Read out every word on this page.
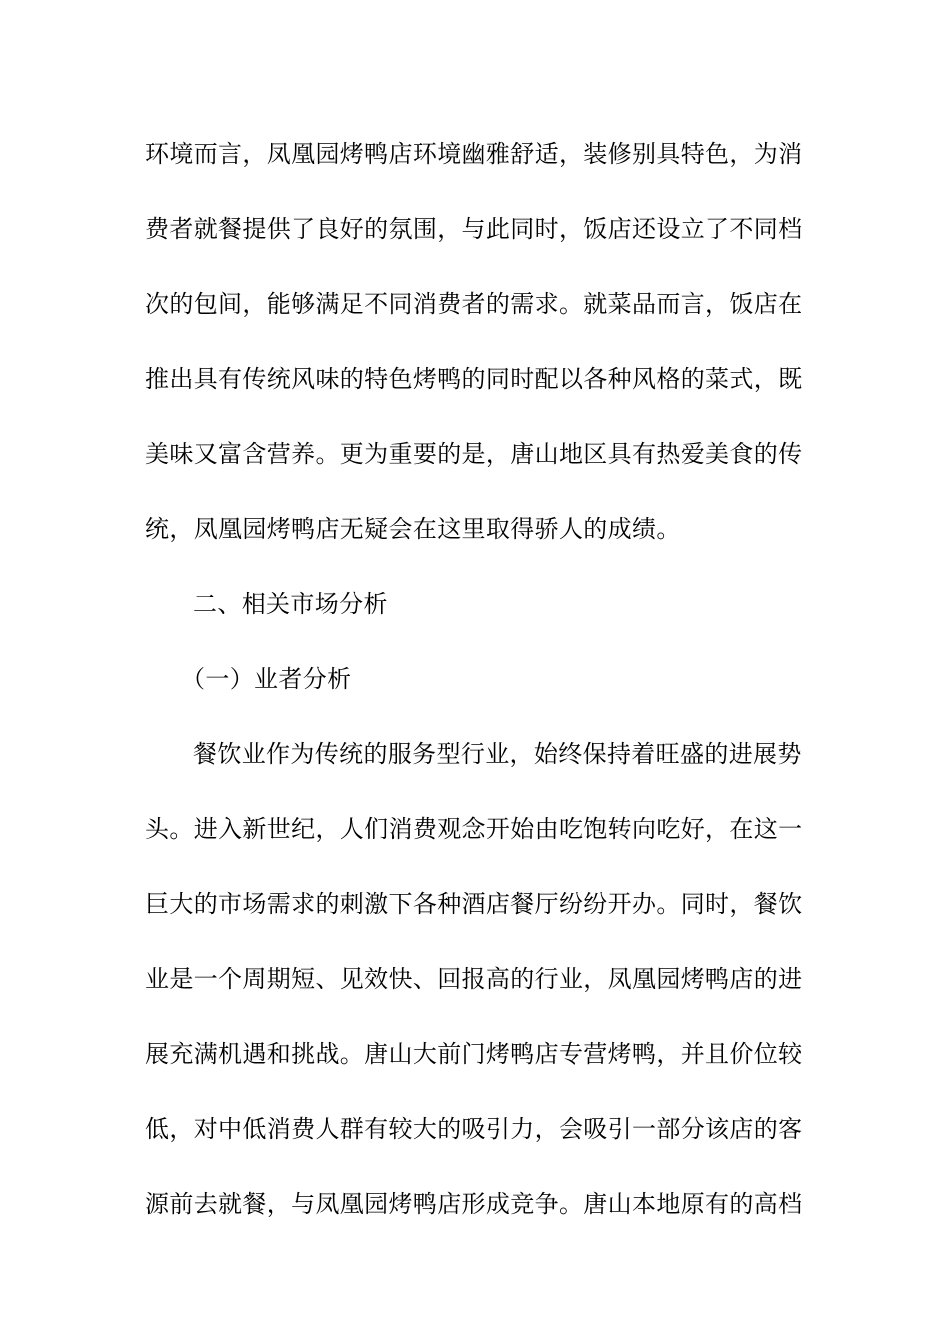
环境而言，凤凰园烤鸭店环境幽雅舒适，装修别具特色，为消
费者就餐提供了良好的氛围，与此同时，饭店还设立了不同档
次的包间，能够满足不同消费者的需求。就菜品而言，饭店在
推出具有传统风味的特色烤鸭的同时配以各种风格的菜式，既
美味又富含营养。更为重要的是，唐山地区具有热爱美食的传
统，凤凰园烤鸭店无疑会在这里取得骄人的成绩。
二、相关市场分析
（一）业者分析
餐饮业作为传统的服务型行业，始终保持着旺盛的进展势
头。进入新世纪，人们消费观念开始由吃饱转向吃好，在这一
巨大的市场需求的刺激下各种酒店餐厅纷纷开办。同时，餐饮
业是一个周期短、见效快、回报高的行业，凤凰园烤鸭店的进
展充满机遇和挑战。唐山大前门烤鸭店专营烤鸭，并且价位较
低，对中低消费人群有较大的吸引力，会吸引一部分该店的客
源前去就餐，与凤凰园烤鸭店形成竞争。唐山本地原有的高档
